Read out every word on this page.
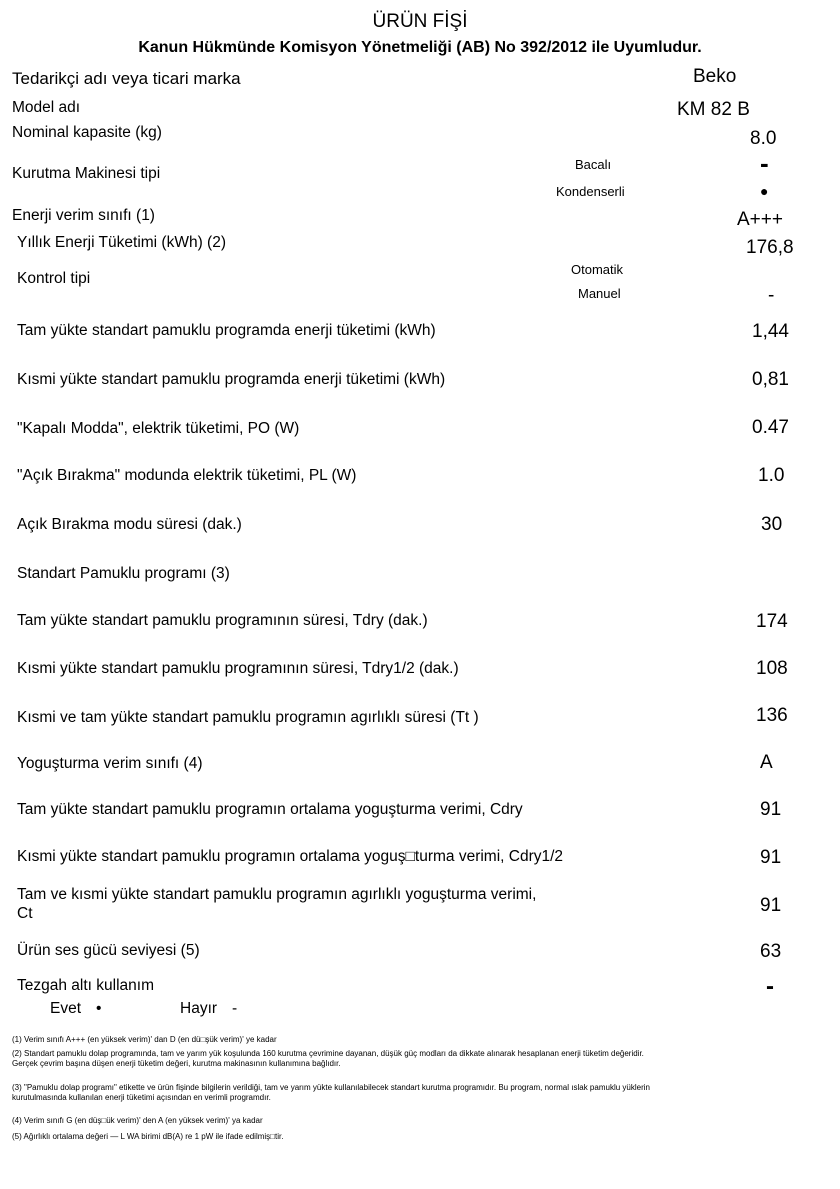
ÜRÜN FİŞİ
Kanun Hükmünde Komisyon Yönetmeliği (AB) No 392/2012 ile Uyumludur.
Tedarikçi adı veya ticari marka	Beko
Model adı	KM 82 B
Nominal kapasite (kg)	8.0
Kurutma Makinesi tipi
Bacalı	-
Kondenserli	●
Enerji verim sınıfı (1)	A+++
Yıllık Enerji Tüketimi (kWh) (2)	176,8
Kontrol tipi
Otomatik
Manuel	-
Tam yükte standart pamuklu programda enerji tüketimi (kWh)	1,44
Kısmi yükte standart pamuklu programda enerji tüketimi (kWh)	0,81
"Kapalı Modda", elektrik tüketimi, PO (W)	0.47
"Açık Bırakma" modunda elektrik tüketimi, PL (W)	1.0
Açık Bırakma modu süresi (dak.)	30
Standart Pamuklu programı (3)
Tam yükte standart pamuklu programının süresi, Tdry (dak.)	174
Kısmi yükte standart pamuklu programının süresi, Tdry1/2 (dak.)	108
Kısmi ve tam yükte standart pamuklu programın agırlıklı süresi (Tt )	136
Yoguşturma verim sınıfı (4)	A
Tam yükte standart pamuklu programın ortalama yoguşturma verimi, Cdry	91
Kısmi yükte standart pamuklu programın ortalama yoguş□turma verimi, Cdry1/2	91
Tam ve kısmi yükte standart pamuklu programın agırlıklı yoguşturma verimi,
Ct	91
Ürün ses gücü seviyesi (5)	63
Tezgah altı kullanım	-
Evet •	Hayır -
(1) Verim sınıfı A+++ (en yüksek verim)' dan D (en dü□şük verim)' ye kadar
(2) Standart pamuklu dolap programında, tam ve yarım yük koşulunda 160 kurutma çevrimine dayanan, düşük güç modları da dikkate alınarak hesaplanan enerji tüketim değeridir. Gerçek çevrim başına düşen enerji tüketim değeri, kurutma makinasının kullanımına bağlıdır.
(3) "Pamuklu dolap programı" etikette ve ürün fişinde bilgilerin verildiği, tam ve yarım yükte kullanılabilecek standart kurutma programıdır. Bu program, normal ıslak pamuklu yüklerin kurutulmasında kullanılan enerji tüketimi açısından en verimli programdır.
(4) Verim sınıfı G (en düş□ük verim)' den A (en yüksek verim)' ya kadar
(5) Ağırlıklı ortalama değeri — L WA birimi dB(A) re 1 pW ile ifade edilmiş□tir.
